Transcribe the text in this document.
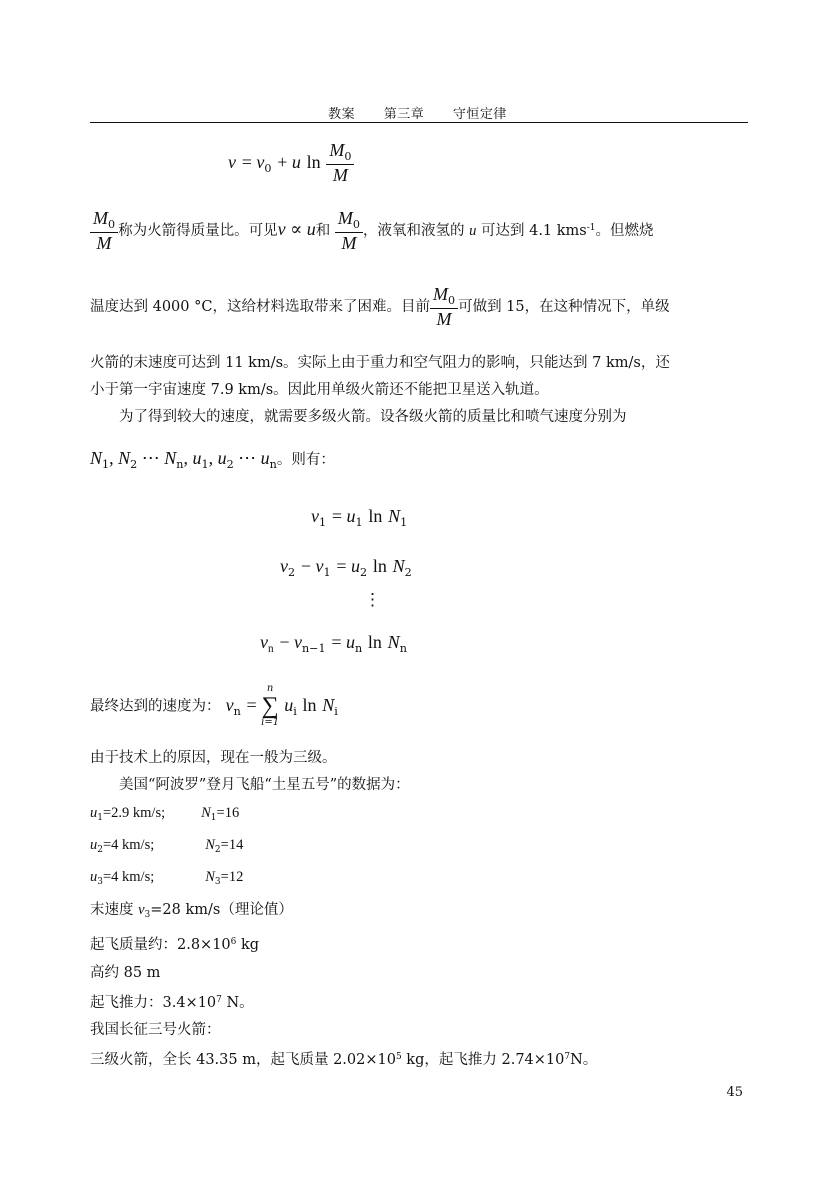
教案 第三章 守恒定律
$v = v_0 + u$ $\ln \frac{M_0}{M}$
$\frac{M_0}{M}$ 称为火箭得质量比。可见v ∝ u和 $\frac{M_0}{M}$ ，液氧和液氢的 u 可达到 4.1 kms$^{-1}$。但燃烧
温度达到 4000 °C，这给材料选取带来了困难。目前 $\frac{M_0}{M}$ 可做到 15，在这种情况下，单级

火箭的末速度可达到 11 km/s。实际上由于重力和空气阻力的影响，只能达到 7 km/s，还

小于第一宇宙速度 7.9 km/s。因此用单级火箭还不能把卫星送入轨道。

为了得到较大的速度，就需要多级火箭。设各级火箭的质量比和喷气速度分别为

$N_1$, $N_2$ ⋯ $N_n$, $u_1$, $u_2$ ⋯ $u_n$。则有：
$v_1 = u_1$ $\ln N_1$
$v_2 - v_1 = u_2$ $\ln N_2$
⋮
$v_n - v_{n-1} = u_n$ $\ln N_n$
最终达到的速度为： $v_n$ =
n
∑
i=1
$u_i$ $\ln N_i$

由于技术上的原因，现在一般为三级。

美国“阿波罗”登月飞船“土星五号”的数据为：

$u_1=2.9$ km/s; $N_1=16$

$u_2=4$ km/s;	$N_2=14$

$u_3=4$ km/s;	$N_3=12$

末速度 $v_3=28$ km/s（理论值）

起飞质量约：$2.8\times 10^6$ kg

高约 85 m

起飞推力：$3.4\times 10^7$ N。

我国长征三号火箭：

三级火箭，全长 43.35 m，起飞质量 $2.02\times 10^5$ kg，起飞推力 $2.74\times 10^7N$。

45
